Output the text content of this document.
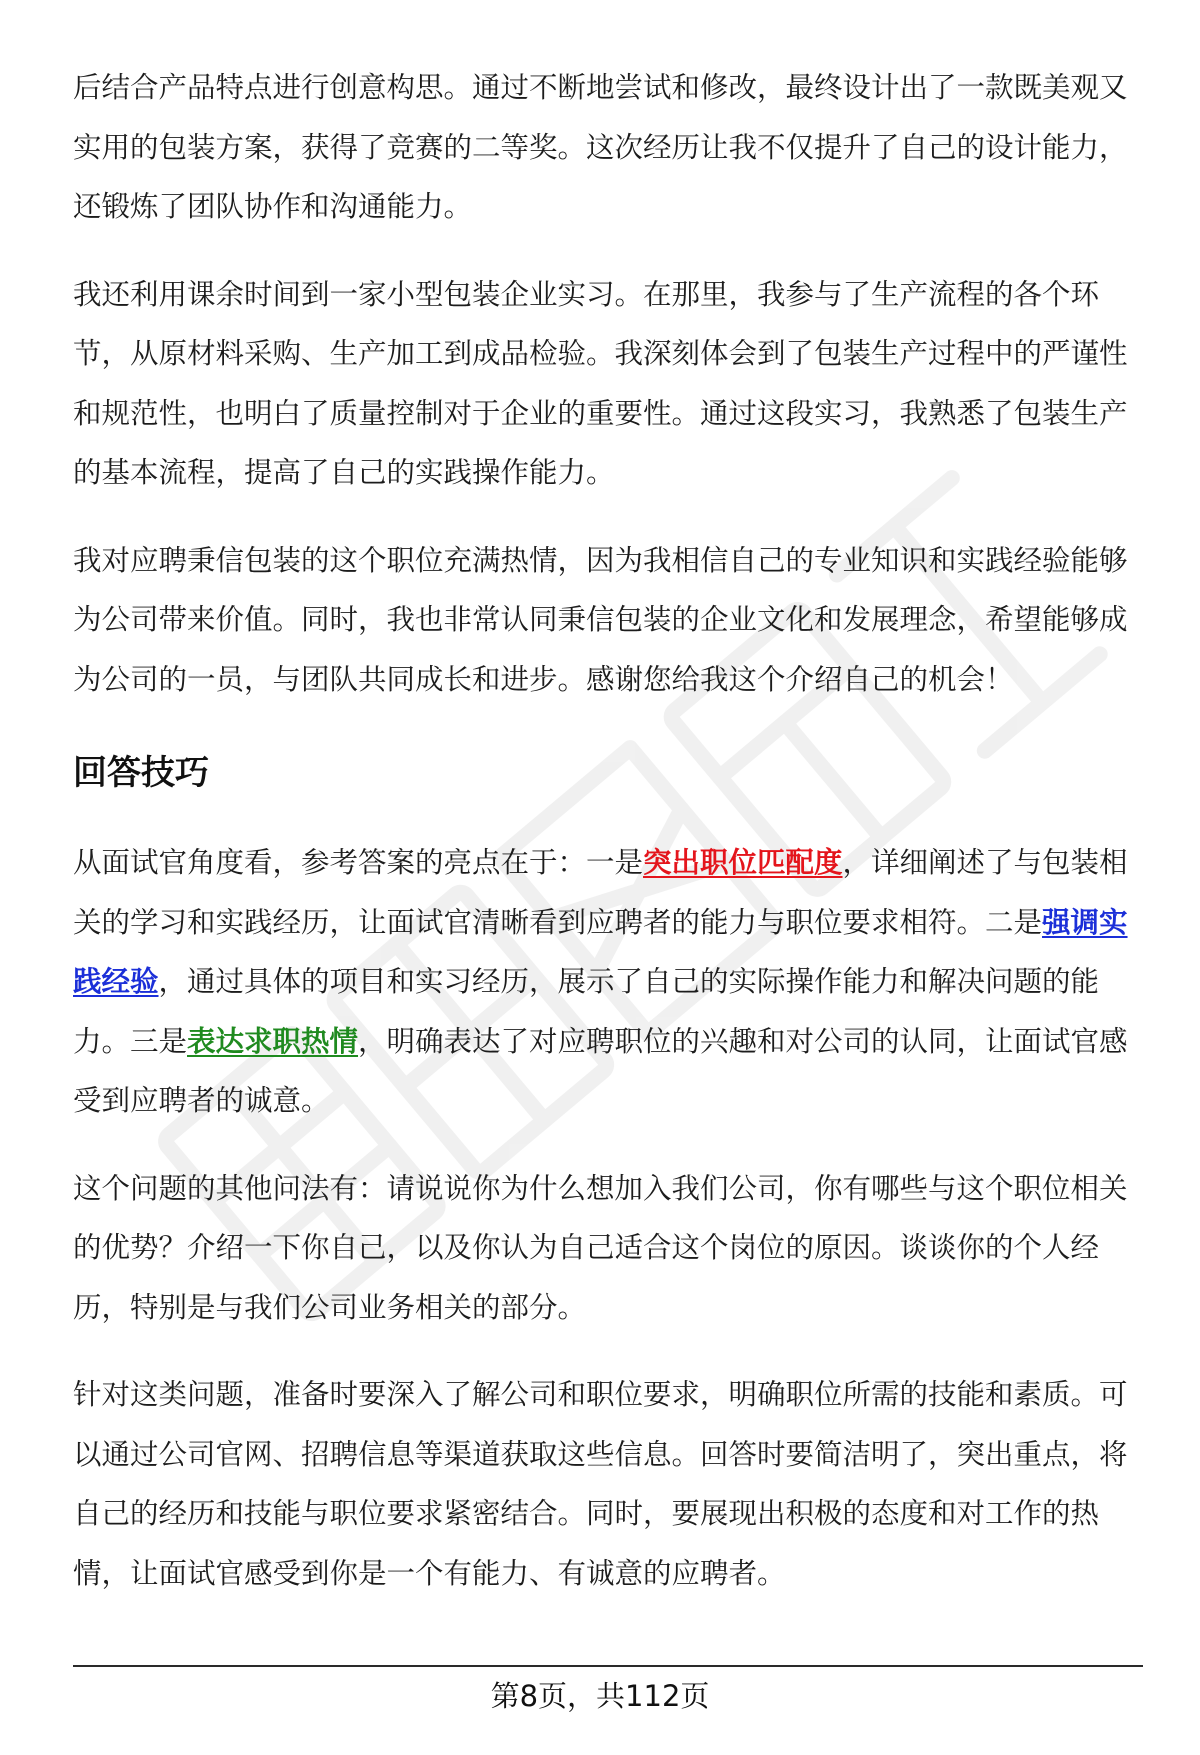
后结合产品特点进行创意构思。通过不断地尝试和修改，最终设计出了一款既美观又实用的包装方案，获得了竞赛的二等奖。这次经历让我不仅提升了自己的设计能力，还锻炼了团队协作和沟通能力。

我还利用课余时间到一家小型包装企业实习。在那里，我参与了生产流程的各个环节，从原材料采购、生产加工到成品检验。我深刻体会到了包装生产过程中的严谨性和规范性，也明白了质量控制对于企业的重要性。通过这段实习，我熟悉了包装生产的基本流程，提高了自己的实践操作能力。

我对应聘秉信包装的这个职位充满热情，因为我相信自己的专业知识和实践经验能够为公司带来价值。同时，我也非常认同秉信包装的企业文化和发展理念，希望能够成为公司的一员，与团队共同成长和进步。感谢您给我这个介绍自己的机会！

回答技巧

从面试官角度看，参考答案的亮点在于：一是突出职位匹配度，详细阐述了与包装相关的学习和实践经历，让面试官清晰看到应聘者的能力与职位要求相符。二是强调实践经验，通过具体的项目和实习经历，展示了自己的实际操作能力和解决问题的能力。三是表达求职热情，明确表达了对应聘职位的兴趣和对公司的认同，让面试官感受到应聘者的诚意。

这个问题的其他问法有：请说说你为什么想加入我们公司，你有哪些与这个职位相关的优势？介绍一下你自己，以及你认为自己适合这个岗位的原因。谈谈你的个人经历，特别是与我们公司业务相关的部分。

针对这类问题，准备时要深入了解公司和职位要求，明确职位所需的技能和素质。可以通过公司官网、招聘信息等渠道获取这些信息。回答时要简洁明了，突出重点，将自己的经历和技能与职位要求紧密结合。同时，要展现出积极的态度和对工作的热情，让面试官感受到你是一个有能力、有诚意的应聘者。

第8页，共112页
